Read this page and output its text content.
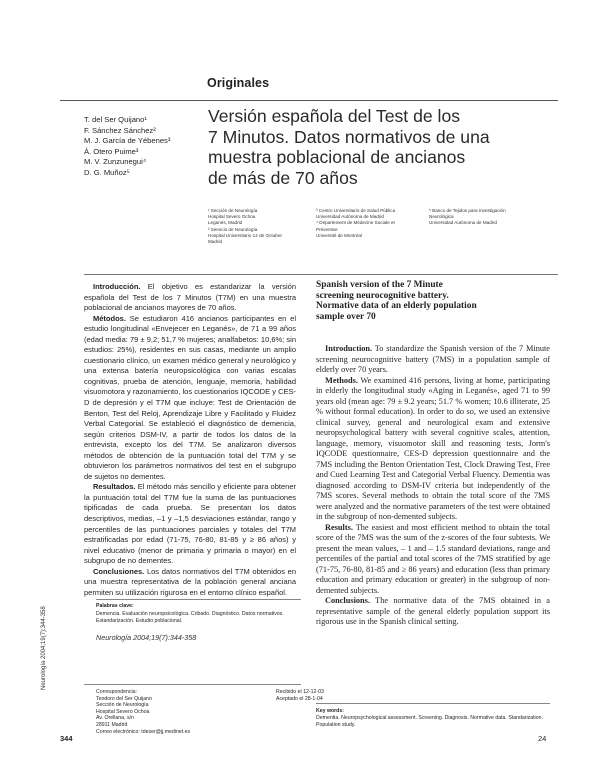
Originales
T. del Ser Quijano¹
F. Sánchez Sánchez²
M. J. García de Yébenes³
Á. Otero Puime³
M. V. Zunzunegui⁴
D. G. Muñoz⁵
Versión española del Test de los
7 Minutos. Datos normativos de una
muestra poblacional de ancianos
de más de 70 años
¹ Sección de Neurología
Hospital Severo Ochoa
Leganés, Madrid
² Servicio de Neurología
Hospital Universitario 12 de Octubre
Madrid
³ Centro Universitario de Salud Pública
Universidad Autónoma de Madrid
⁴ Département de Médecine Sociale et
Préventive
Université de Montréal
⁵ Banco de Tejidos para Investigación
Neurológica
Universidad Autónoma de Madrid

Introducción. El objetivo es estandarizar la versión española del Test de los 7 Minutos (T7M) en una muestra poblacional de ancianos mayores de 70 años.

Métodos. Se estudiaron 416 ancianos participantes en el estudio longitudinal «Envejecer en Leganés», de 71 a 99 años (edad media: 79 ± 9,2; 51,7 % mujeres; analfabetos: 10,6%; sin estudios: 25%), residentes en sus casas, mediante un amplio cuestionario clínico, un examen médico general y neurológico y una extensa batería neuropsicológica con varias escalas cognitivas, prueba de atención, lenguaje, memoria, habilidad visuomotora y razonamiento, los cuestionarios IQCODE y CES-D de depresión y el T7M que incluye: Test de Orientación de Benton, Test del Reloj, Aprendizaje Libre y Facilitado y Fluidez Verbal Categorial. Se estableció el diagnóstico de demencia, según criterios DSM-IV, a partir de todos los datos de la entrevista, excepto los del T7M. Se analizaron diversos métodos de obtención de la puntuación total del T7M y se obtuvieron los parámetros normativos del test en el subgrupo de sujetos no dementes.

Resultados. El método más sencillo y eficiente para obtener la puntuación total del T7M fue la suma de las puntuaciones tipificadas de cada prueba. Se presentan los datos descriptivos, medias, –1 y –1,5 desviaciones estándar, rango y percentiles de las puntuaciones parciales y totales del T7M estratificadas por edad (71-75, 76-80, 81-85 y ≥ 86 años) y nivel educativo (menor de primaria y primaria o mayor) en el subgrupo de no dementes.

Conclusiones. Los datos normativos del T7M obtenidos en una muestra representativa de la población general anciana permiten su utilización rigurosa en el entorno clínico español.

Palabras clave:
Demencia. Evaluación neuropsicológica. Cribado. Diagnóstico. Datos normativos. Estandarización. Estudio poblacional.
Neurología 2004;19(7):344-358
Correspondencia:
Teodoro del Ser Quijano
Sección de Neurología
Hospital Severo Ochoa
Av. Orellana, s/n
28911 Madrid
Correo electrónico: tdeser@jj.medinet.es
Recibido el 12-12-03
Aceptado el 28-1-04
Spanish version of the 7 Minute
screening neurocognitive battery.
Normative data of an elderly population
sample over 70

Introduction. To standardize the Spanish version of the 7 Minute screening neurocognitive battery (7MS) in a population sample of elderly over 70 years.

Methods. We examined 416 persons, living at home, participating in elderly the longitudinal study «Aging in Leganés», aged 71 to 99 years old (mean age: 79 ± 9.2 years; 51.7 % women; 10.6 illiterate, 25 % without formal education). In order to do so, we used an extensive clinical survey, general and neurological exam and extensive neuropsychological battery with several cognitive scales, attention, language, memory, visuomotor skill and reasoning tests, Jorm's IQCODE questionnaire, CES-D depression questionnaire and the 7MS including the Benton Orientation Test, Clock Drawing Test, Free and Cued Learning Test and Categorial Verbal Fluency. Dementia was diagnosed according to DSM-IV criteria but independently of the 7MS scores. Several methods to obtain the total score of the 7MS were analyzed and the normative parameters of the test were obtained in the subgroup of non-demented subjects.

Results. The easiest and most efficient method to obtain the total score of the 7MS was the sum of the z-scores of the four subtests. We present the mean values, – 1 and – 1.5 standard deviations, range and percentiles of the partial and total scores of the 7MS stratified by age (71-75, 76-80, 81-85 and ≥ 86 years) and education (less than primary education and primary education or greater) in the subgroup of non-demented subjects.

Conclusions. The normative data of the 7MS obtained in a representative sample of the general elderly population support its rigorous use in the Spanish clinical setting.

Key words:
Dementia. Neuropsychological assessment. Screening. Diagnosis. Normative data. Standarization. Population study.
Neurología 2004;19(7):344-358
344	24
